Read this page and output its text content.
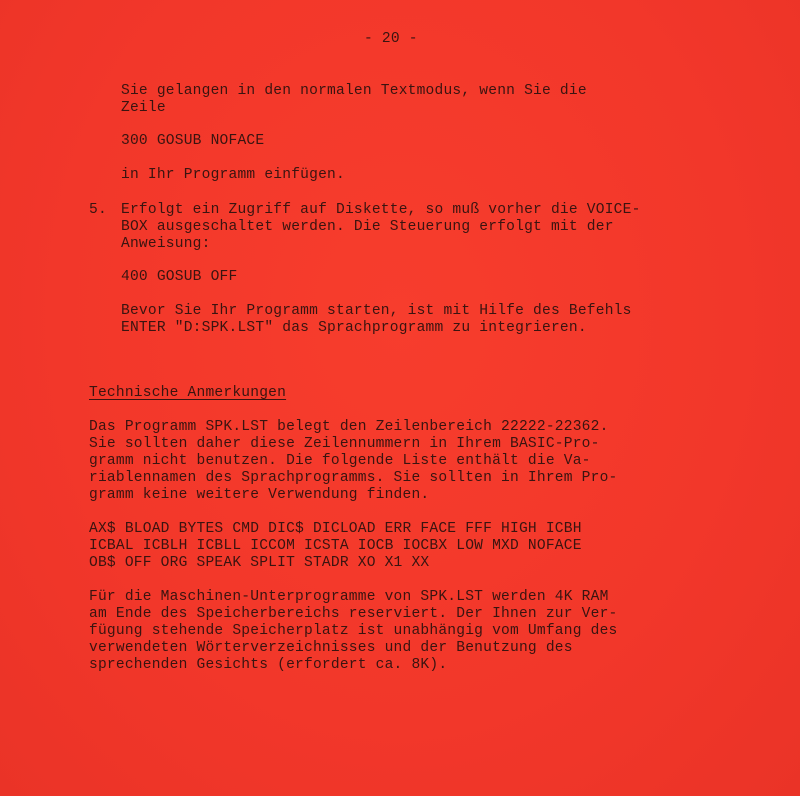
- 20 -
Sie gelangen in den normalen Textmodus, wenn Sie die
Zeile
300 GOSUB NOFACE
in Ihr Programm einfügen.
5. Erfolgt ein Zugriff auf Diskette, so muß vorher die VOICE-
BOX ausgeschaltet werden. Die Steuerung erfolgt mit der
Anweisung:
400 GOSUB OFF
Bevor Sie Ihr Programm starten, ist mit Hilfe des Befehls
ENTER "D:SPK.LST" das Sprachprogramm zu integrieren.
Technische Anmerkungen
Das Programm SPK.LST belegt den Zeilenbereich 22222-22362.
Sie sollten daher diese Zeilennummern in Ihrem BASIC-Pro-
gramm nicht benutzen. Die folgende Liste enthält die Va-
riablennamen des Sprachprogramms. Sie sollten in Ihrem Pro-
gramm keine weitere Verwendung finden.
AX$ BLOAD BYTES CMD DIC$ DICLOAD ERR FACE FFF HIGH ICBH
ICBAL ICBLH ICBLL ICCOM ICSTA IOCB IOCBX LOW MXD NOFACE
OB$ OFF ORG SPEAK SPLIT STADR XO X1 XX
Für die Maschinen-Unterprogramme von SPK.LST werden 4K RAM
am Ende des Speicherbereichs reserviert. Der Ihnen zur Ver-
fügung stehende Speicherplatz ist unabhängig vom Umfang des
verwendeten Wörterverzeichnisses und der Benutzung des
sprechenden Gesichts (erfordert ca. 8K).
